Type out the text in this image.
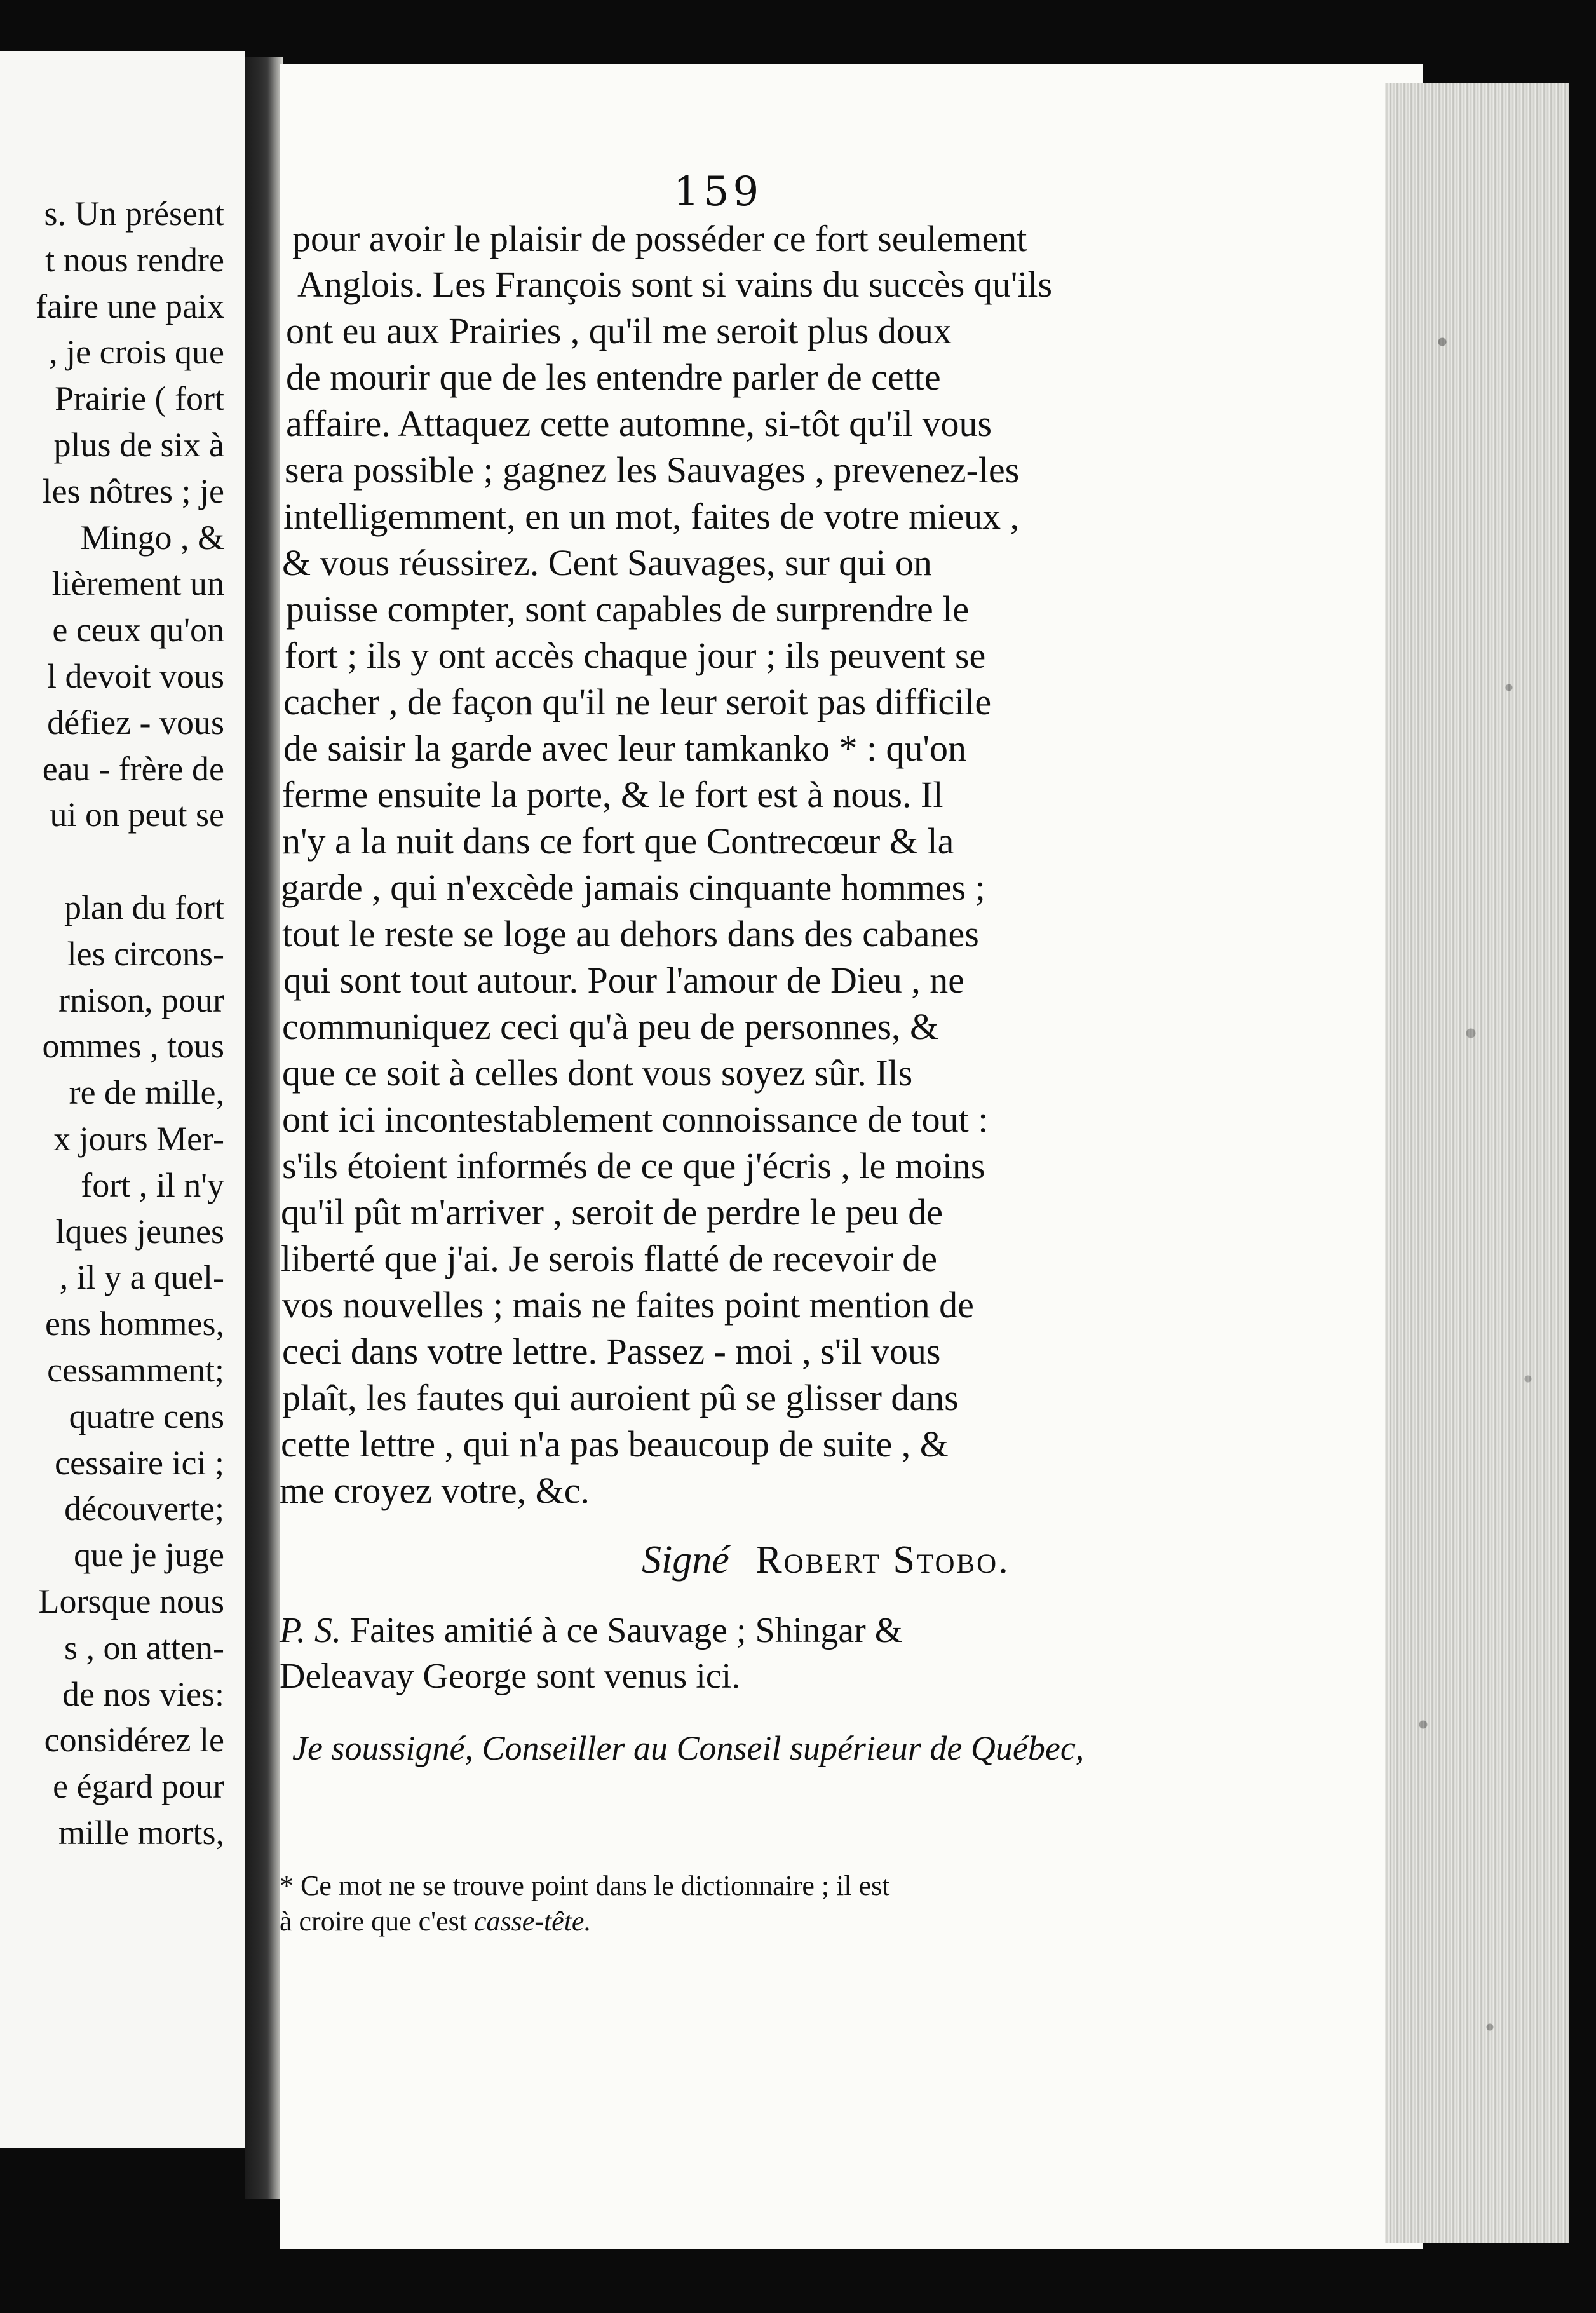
s. Un présent
t nous rendre
faire une paix
, je crois que
Prairie ( fort
plus de six à
les nôtres ; je
Mingo , &
lièrement un
e ceux qu'on
l devoit vous
défiez - vous
eau - frère de
ui on peut se
plan du fort
les circons-
rnison, pour
ommes , tous
re de mille,
x jours Mer-
fort , il n'y
lques jeunes
, il y a quel-
ens hommes,
cessamment;
quatre cens
cessaire ici ;
découverte;
que je juge
Lorsque nous
s , on atten-
de nos vies:
considérez le
e égard pour
mille morts,
159
pour avoir le plaisir de posséder ce fort seulement
Anglois. Les François sont si vains du succès qu'ils
ont eu aux Prairies , qu'il me seroit plus doux
de mourir que de les entendre parler de cette
affaire. Attaquez cette automne, si-tôt qu'il vous
sera possible ; gagnez les Sauvages , prevenez-les
intelligemment, en un mot, faites de votre mieux ,
& vous réussirez. Cent Sauvages, sur qui on
puisse compter, sont capables de surprendre le
fort ; ils y ont accès chaque jour ; ils peuvent se
cacher , de façon qu'il ne leur seroit pas difficile
de saisir la garde avec leur tamkanko * : qu'on
ferme ensuite la porte, & le fort est à nous. Il
n'y a la nuit dans ce fort que Contrecœur & la
garde , qui n'excède jamais cinquante hommes ;
tout le reste se loge au dehors dans des cabanes
qui sont tout autour. Pour l'amour de Dieu , ne
communiquez ceci qu'à peu de personnes, &
que ce soit à celles dont vous soyez sûr. Ils
ont ici incontestablement connoissance de tout :
s'ils étoient informés de ce que j'écris , le moins
qu'il pût m'arriver , seroit de perdre le peu de
liberté que j'ai. Je serois flatté de recevoir de
vos nouvelles ; mais ne faites point mention de
ceci dans votre lettre. Passez - moi , s'il vous
plaît, les fautes qui auroient pû se glisser dans
cette lettre , qui n'a pas beaucoup de suite , &
me croyez votre, &c.
Signé Robert Stobo.
P. S. Faites amitié à ce Sauvage ; Shingar &
Deleavay George sont venus ici.
Je soussigné, Conseiller au Conseil supérieur de Québec,
* Ce mot ne se trouve point dans le dictionnaire ; il est
à croire que c'est casse-tête.
